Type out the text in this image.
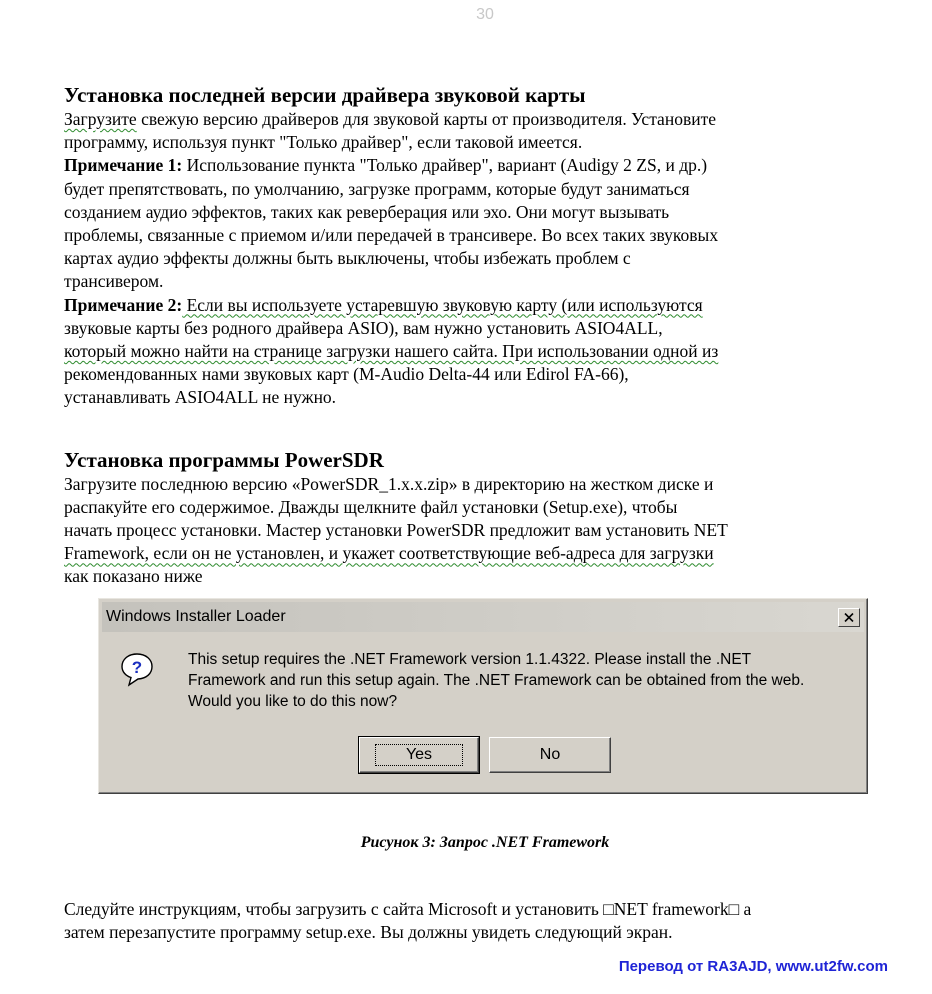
30
Установка последней версии драйвера звуковой карты

Загрузите свежую версию драйверов для звуковой карты от производителя. Установите
программу, используя пункт "Только драйвер", если таковой имеется.

Примечание 1: Использование пункта "Только драйвер", вариант (Audigy 2 ZS, и др.)
будет препятствовать, по умолчанию, загрузке программ, которые будут заниматься
созданием аудио эффектов, таких как реверберация или эхо. Они могут вызывать
проблемы, связанные с приемом и/или передачей в трансивере. Во всех таких звуковых
картах аудио эффекты должны быть выключены, чтобы избежать проблем с
трансивером.

Примечание 2: Если вы используете устаревшую звуковую карту (или используются
звуковые карты без родного драйвера ASIO), вам нужно установить ASIO4ALL,
который можно найти на странице загрузки нашего сайта. При использовании одной из
рекомендованных нами звуковых карт (M-Audio Delta-44 или Edirol FA-66),
устанавливать ASIO4ALL не нужно.

Установка программы PowerSDR

Загрузите последнюю версию «PowerSDR_1.x.x.zip» в директорию на жестком диске и
распакуйте его содержимое. Дважды щелкните файл установки (Setup.exe), чтобы
начать процесс установки. Мастер установки PowerSDR предложит вам установить NET
Framework, если он не установлен, и укажет соответствующие веб-адреса для загрузки
как показано ниже

Windows Installer Loader
?	This setup requires the .NET Framework version 1.1.4322. Please install the .NET
Framework and run this setup again. The .NET Framework can be obtained from the web.
Would you like to do this now?
Yes	No
Рисунок 3: Запрос .NET Framework
Следуйте инструкциям, чтобы загрузить с сайта Microsoft и установить □NET framework□ а
затем перезапустите программу setup.exe. Вы должны увидеть следующий экран.
Перевод от RA3AJD, www.ut2fw.com
